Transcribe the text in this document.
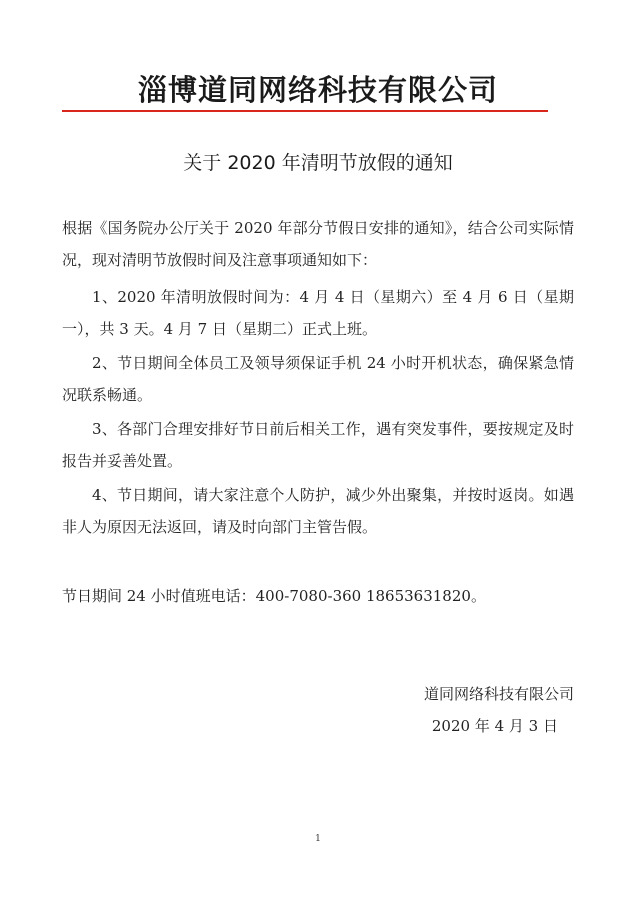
淄博道同网络科技有限公司
关于 2020 年清明节放假的通知
根据《国务院办公厅关于 2020 年部分节假日安排的通知》，结合公司实际情况，现对清明节放假时间及注意事项通知如下：
1、2020 年清明放假时间为：4 月 4 日（星期六）至 4 月 6 日（星期一），共 3 天。4 月 7 日（星期二）正式上班。
2、节日期间全体员工及领导须保证手机 24 小时开机状态，确保紧急情况联系畅通。
3、各部门合理安排好节日前后相关工作，遇有突发事件，要按规定及时报告并妥善处置。
4、节日期间，请大家注意个人防护，减少外出聚集，并按时返岗。如遇非人为原因无法返回，请及时向部门主管告假。
节日期间 24 小时值班电话：400-7080-360 18653631820。
道同网络科技有限公司
2020 年 4 月 3 日
1
